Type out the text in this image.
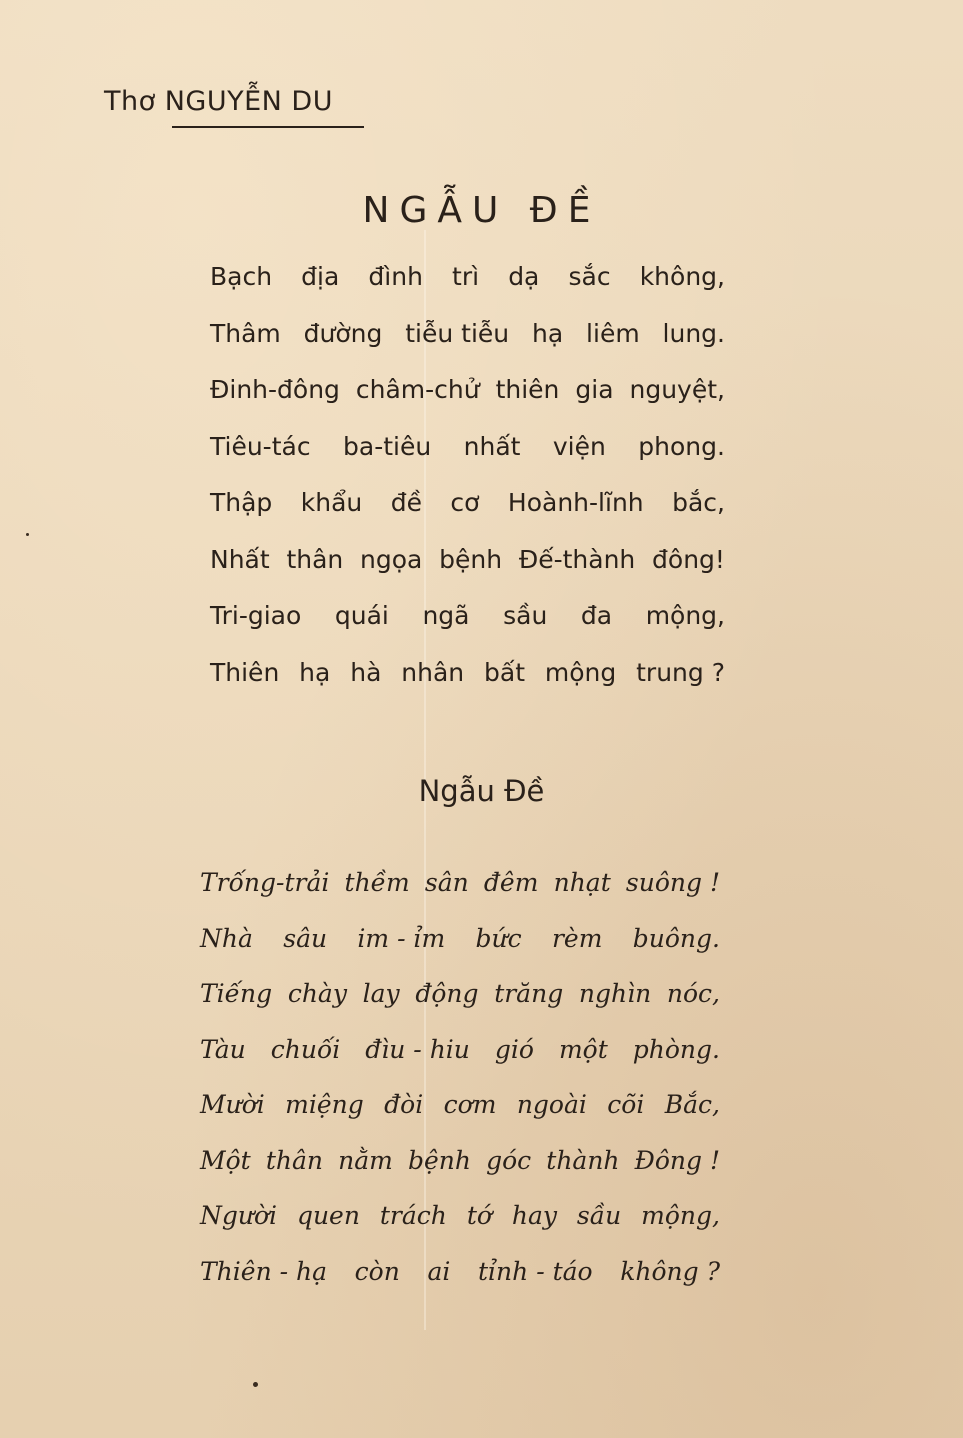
Thơ NGUYỄN DU
NGẪU ĐỀ
Bạch địa đình trì dạ sắc không,
Thâm đường tiễu tiễu hạ liêm lung.
Đinh-đông châm-chử thiên gia nguyệt,
Tiêu-tác ba-tiêu nhất viện phong.
Thập khẩu đề cơ Hoành-lĩnh bắc,
Nhất thân ngọa bệnh Đế-thành đông!
Tri-giao quái ngã sầu đa mộng,
Thiên hạ hà nhân bất mộng trung ?
Ngẫu Đề
Trống-trải thềm sân đêm nhạt suông !
Nhà sâu im - ỉm bức rèm buông.
Tiếng chày lay động trăng nghìn nóc,
Tàu chuối đìu - hiu gió một phòng.
Mười miệng đòi cơm ngoài cõi Bắc,
Một thân nằm bệnh góc thành Đông !
Người quen trách tớ hay sầu mộng,
Thiên - hạ còn ai tỉnh - táo không ?
